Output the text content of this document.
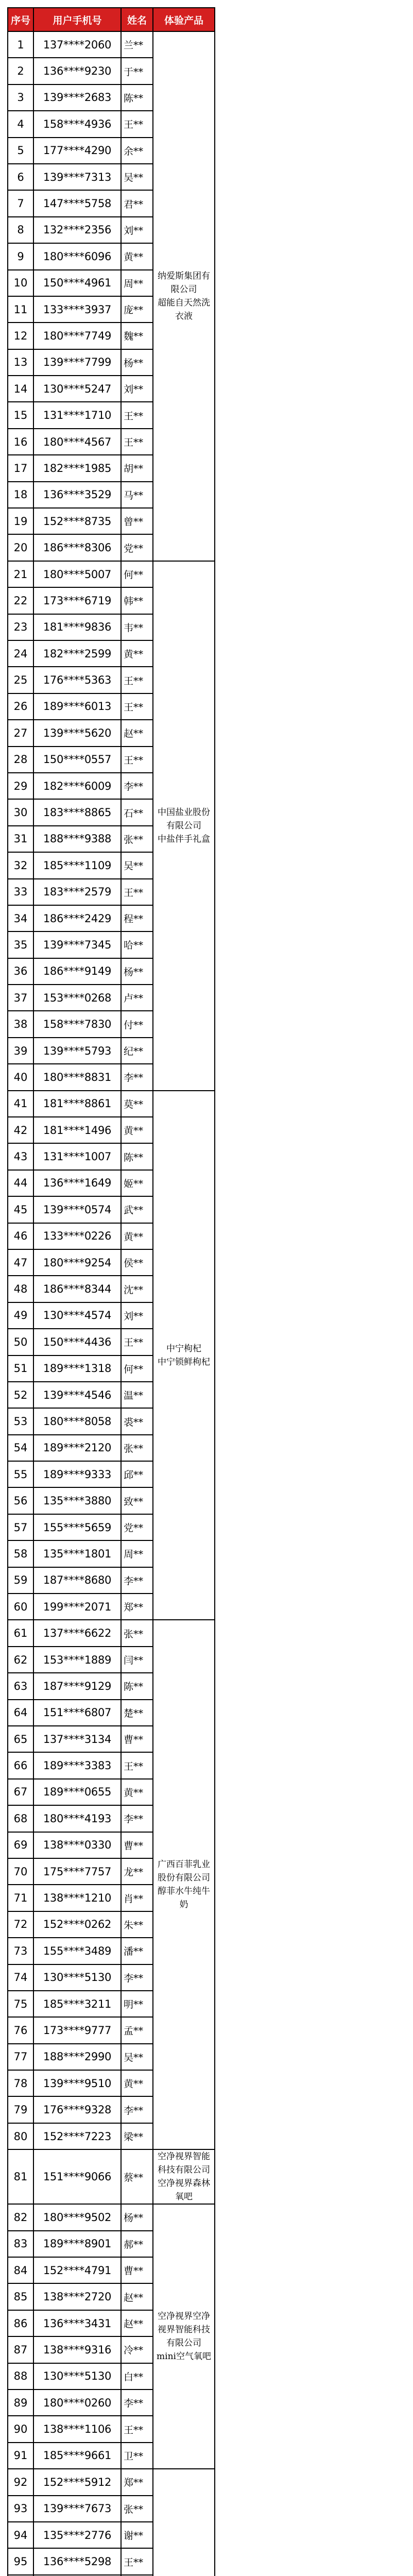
序号	用户手机号	姓名	体验产品
1	137****2060	兰**	纳爱斯集团有限公司
超能自天然洗衣液

2	136****9230	于**	
3	139****2683	陈**	
4	158****4936	王**	
5	177****4290	余**	
6	139****7313	吴**	
7	147****5758	君**	
8	132****2356	刘**	
9	180****6096	黄**	
10	150****4961	周**	
11	133****3937	庞**	
12	180****7749	魏**	
13	139****7799	杨**	
14	130****5247	刘**	
15	131****1710	王**	
16	180****4567	王**	
17	182****1985	胡**	
18	136****3529	马**	
19	152****8735	曾**	
20	186****8306	党**	
21	180****5007	何**	中国盐业股份有限公司
中盐伴手礼盒

22	173****6719	韩**	
23	181****9836	韦**	
24	182****2599	黄**	
25	176****5363	王**	
26	189****6013	王**	
27	139****5620	赵**	
28	150****0557	王**	
29	182****6009	李**	
30	183****8865	石**	
31	188****9388	张**	
32	185****1109	吴**	
33	183****2579	王**	
34	186****2429	程**	
35	139****7345	哈**	
36	186****9149	杨**	
37	153****0268	卢**	
38	158****7830	付**	
39	139****5793	纪**	
40	180****8831	李**	
41	181****8861	莫**	中宁枸杞
中宁锁鲜枸杞

42	181****1496	黄**	
43	131****1007	陈**	
44	136****1649	姬**	
45	139****0574	武**	
46	133****0226	黄**	
47	180****9254	侯**	
48	186****8344	沈**	
49	130****4574	刘**	
50	150****4436	王**	
51	189****1318	何**	
52	139****4546	温**	
53	180****8058	裘**	
54	189****2120	张**	
55	189****9333	邱**	
56	135****3880	致**	
57	155****5659	党**	
58	135****1801	周**	
59	187****8680	李**	
60	199****2071	郑**	
61	137****6622	张**	广西百菲乳业股份有限公司
醇菲水牛纯牛奶

62	153****1889	闫**	
63	187****9129	陈**	
64	151****6807	楚**	
65	137****3134	曹**	
66	189****3383	王**	
67	189****0655	黄**	
68	180****4193	李**	
69	138****0330	曹**	
70	175****7757	龙**	
71	138****1210	肖**	
72	152****0262	朱**	
73	155****3489	潘**	
74	130****5130	李**	
75	185****3211	明**	
76	173****9777	孟**	
77	188****2990	吴**	
78	139****9510	黄**	
79	176****9328	李**	
80	152****7223	梁**	
81	151****9066	蔡**	空净视界智能科技有限公司
空净视界森林氧吧

82	180****9502	杨**	空净视界空净视界智能科技有限公司
mini空气氧吧

83	189****8901	郝**	
84	152****4791	曹**	
85	138****2720	赵**	
86	136****3431	赵**	
87	138****9316	冷**	
88	130****5130	白**	
89	180****0260	李**	
90	138****1106	王**	
91	185****9661	卫**	
92	152****5912	郑**	

93	139****7673	张**	
94	135****2776	谢**	
95	136****5298	王**	
